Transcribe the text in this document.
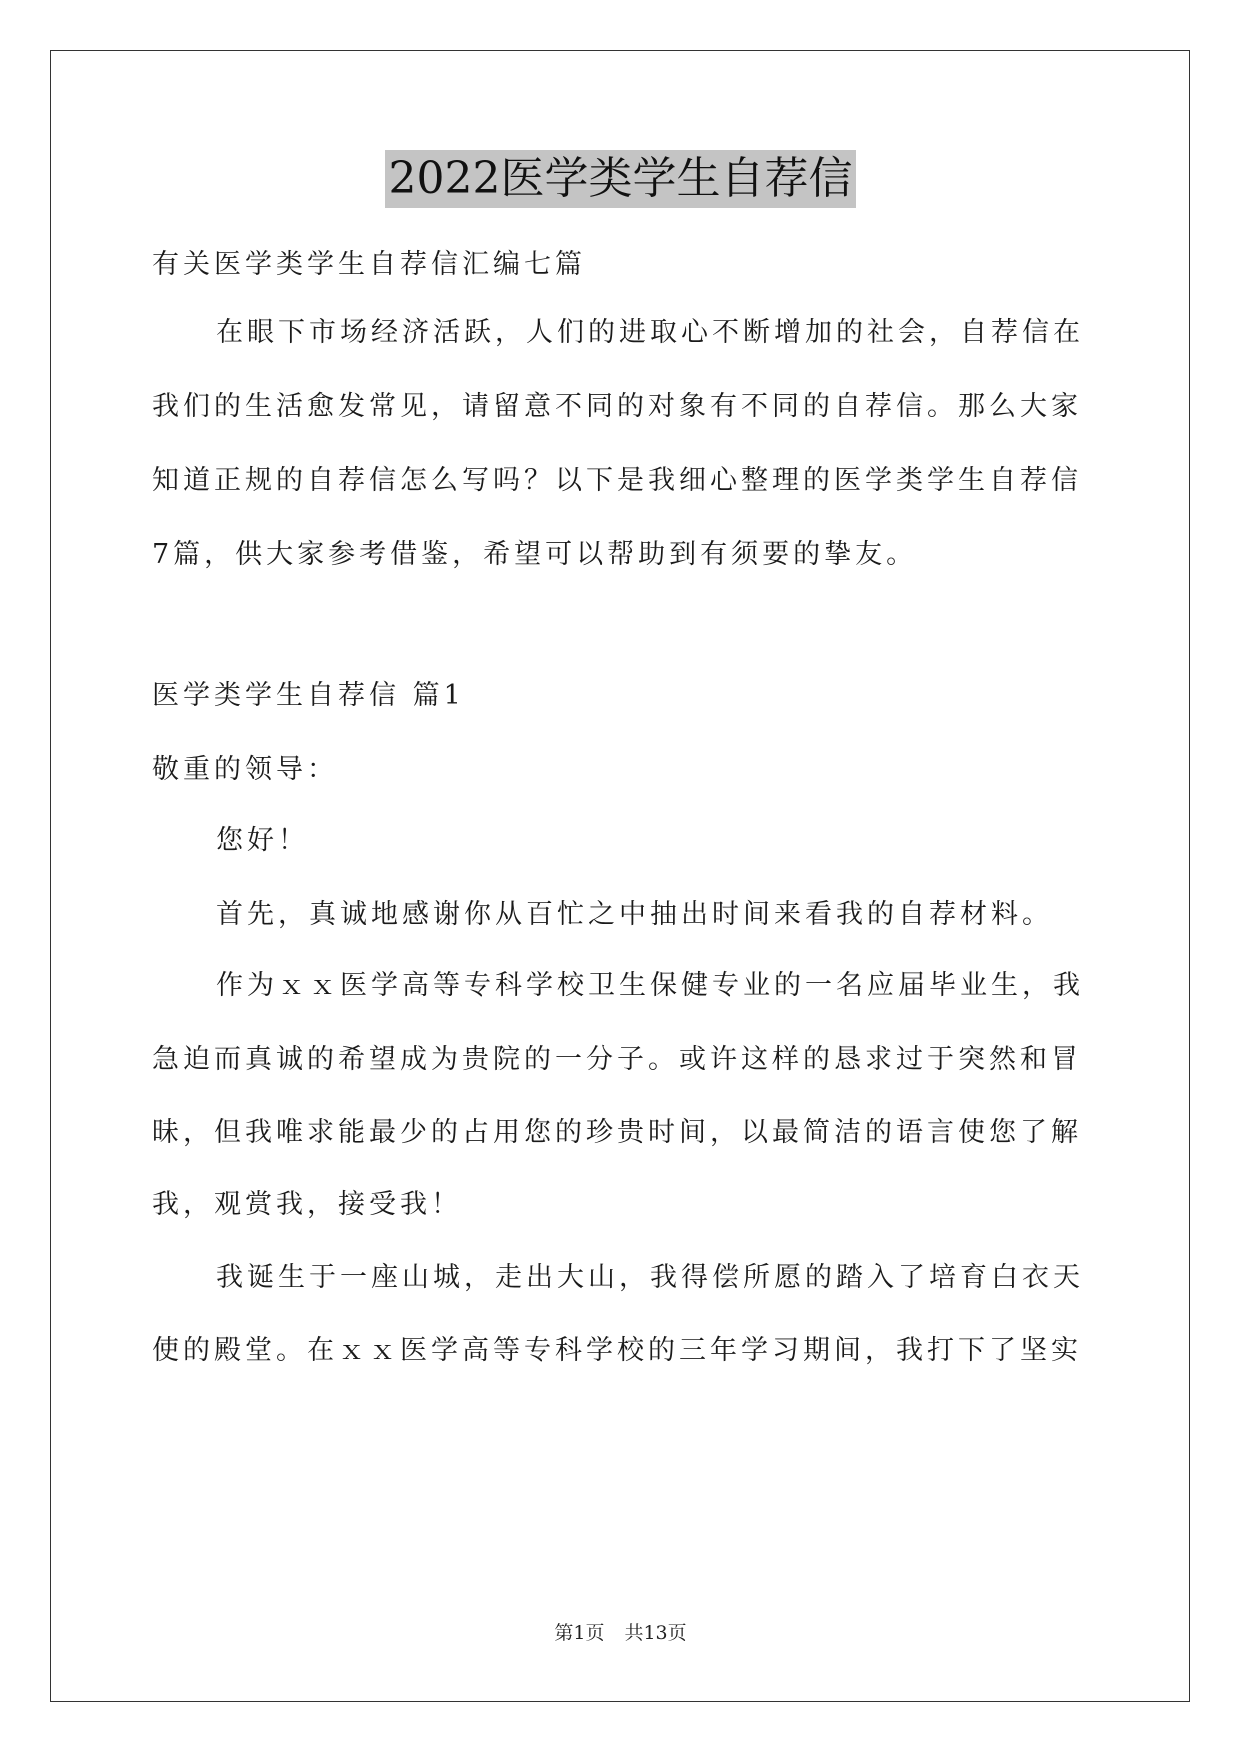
2022医学类学生自荐信

有关医学类学生自荐信汇编七篇

在眼下市场经济活跃，人们的进取心不断增加的社会，自荐信在

我们的生活愈发常见，请留意不同的对象有不同的自荐信。那么大家

知道正规的自荐信怎么写吗？以下是我细心整理的医学类学生自荐信

7篇，供大家参考借鉴，希望可以帮助到有须要的挚友。

医学类学生自荐信 篇1

敬重的领导：

您好！

首先，真诚地感谢你从百忙之中抽出时间来看我的自荐材料。

作为ｘｘ医学高等专科学校卫生保健专业的一名应届毕业生，我

急迫而真诚的希望成为贵院的一分子。或许这样的恳求过于突然和冒

昧，但我唯求能最少的占用您的珍贵时间，以最简洁的语言使您了解

我，观赏我，接受我！

我诞生于一座山城，走出大山，我得偿所愿的踏入了培育白衣天

使的殿堂。在ｘｘ医学高等专科学校的三年学习期间，我打下了坚实

第1页 共13页
